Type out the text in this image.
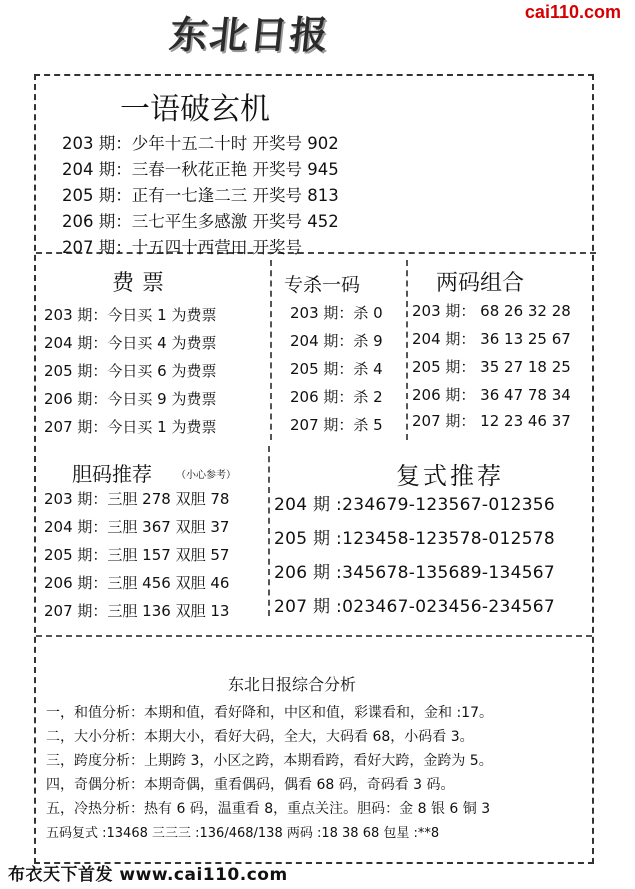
东北日报	cai110.com
一语破玄机
203 期：少年十五二十时 开奖号 902
204 期：三春一秋花正艳 开奖号 945
205 期：正有一七逢二三 开奖号 813
206 期：三七平生多感激 开奖号 452
207 期：十五四十西营田 开奖号
费票
203 期：今日买 1 为费票
204 期：今日买 4 为费票
205 期：今日买 6 为费票
206 期：今日买 9 为费票
207 期：今日买 1 为费票
专杀一码
203 期：杀 0
204 期：杀 9
205 期：杀 4
206 期：杀 2
207 期：杀 5
两码组合
203 期： 68 26 32 28
204 期： 36 13 25 67
205 期： 35 27 18 25
206 期： 36 47 78 34
207 期： 12 23 46 37
胆码推荐 （小心参考）
203 期：三胆 278 双胆 78
204 期：三胆 367 双胆 37
205 期：三胆 157 双胆 57
206 期：三胆 456 双胆 46
207 期：三胆 136 双胆 13
复式推荐
204 期 :234679-123567-012356
205 期 :123458-123578-012578
206 期 :345678-135689-134567
207 期 :023467-023456-234567
东北日报综合分析
一，和值分析：本期和值，看好降和，中区和值，彩谍看和，金和 :17。
二，大小分析：本期大小，看好大码，全大，大码看 68，小码看 3。
三，跨度分析：上期跨 3，小区之跨，本期看跨，看好大跨，金跨为 5。
四，奇偶分析：本期奇偶，重看偶码，偶看 68 码，奇码看 3 码。
五，冷热分析：热有 6 码，温重看 8，重点关注。胆码：金 8 银 6 铜 3
五码复式 :13468 三三三 :136/468/138 两码 :18 38 68 包星 :**8
布衣天下首发 www.cai110.com
